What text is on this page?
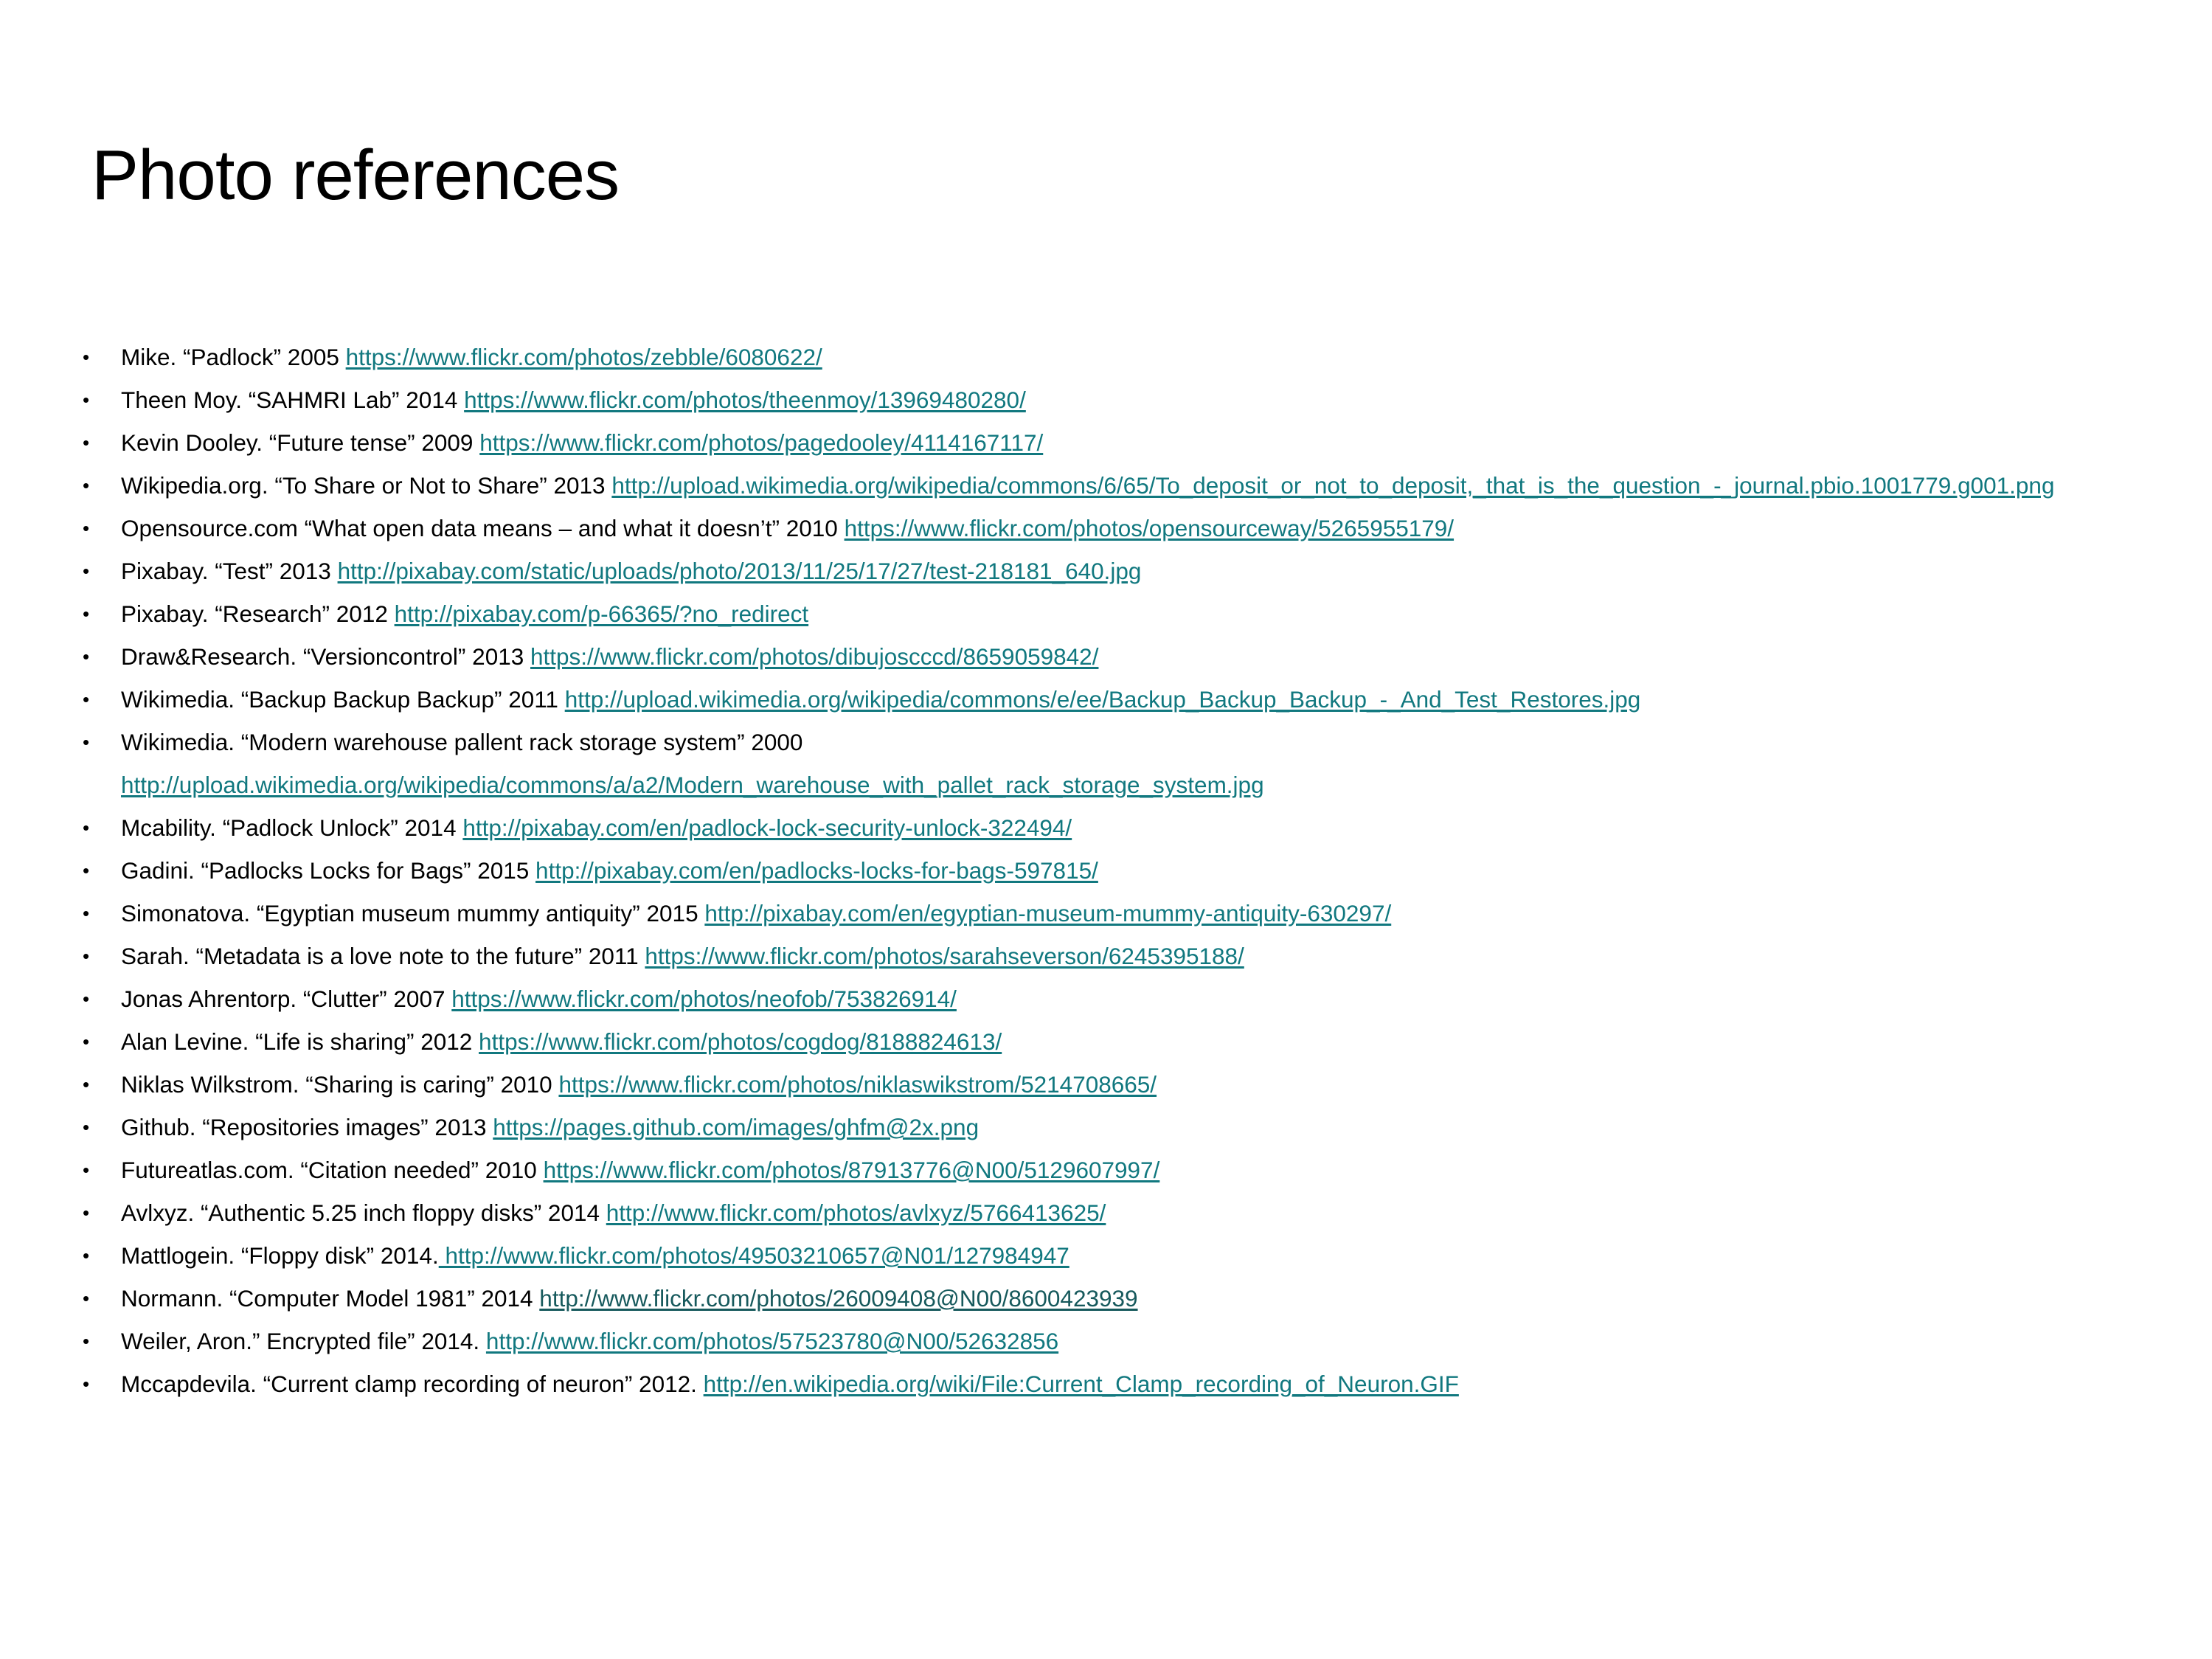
Photo references
• Mike. “Padlock” 2005 https://www.flickr.com/photos/zebble/6080622/
• Theen Moy. “SAHMRI Lab” 2014 https://www.flickr.com/photos/theenmoy/13969480280/
• Kevin Dooley. “Future tense” 2009 https://www.flickr.com/photos/pagedooley/4114167117/
• Wikipedia.org. “To Share or Not to Share” 2013 http://upload.wikimedia.org/wikipedia/commons/6/65/To_deposit_or_not_to_deposit,_that_is_the_question_-_journal.pbio.1001779.g001.png
• Opensource.com “What open data means – and what it doesn’t” 2010 https://www.flickr.com/photos/opensourceway/5265955179/
• Pixabay. “Test” 2013 http://pixabay.com/static/uploads/photo/2013/11/25/17/27/test-218181_640.jpg
• Pixabay. “Research” 2012 http://pixabay.com/p-66365/?no_redirect
• Draw&Research. “Versioncontrol” 2013 https://www.flickr.com/photos/dibujoscccd/8659059842/
• Wikimedia. “Backup Backup Backup” 2011 http://upload.wikimedia.org/wikipedia/commons/e/ee/Backup_Backup_Backup_-_And_Test_Restores.jpg
• Wikimedia. “Modern warehouse pallent rack storage system” 2000
http://upload.wikimedia.org/wikipedia/commons/a/a2/Modern_warehouse_with_pallet_rack_storage_system.jpg
• Mcability. “Padlock Unlock” 2014 http://pixabay.com/en/padlock-lock-security-unlock-322494/
• Gadini. “Padlocks Locks for Bags” 2015 http://pixabay.com/en/padlocks-locks-for-bags-597815/
• Simonatova. “Egyptian museum mummy antiquity” 2015 http://pixabay.com/en/egyptian-museum-mummy-antiquity-630297/
• Sarah. “Metadata is a love note to the future” 2011 https://www.flickr.com/photos/sarahseverson/6245395188/
• Jonas Ahrentorp. “Clutter” 2007 https://www.flickr.com/photos/neofob/753826914/
• Alan Levine. “Life is sharing” 2012 https://www.flickr.com/photos/cogdog/8188824613/
• Niklas Wilkstrom. “Sharing is caring” 2010 https://www.flickr.com/photos/niklaswikstrom/5214708665/
• Github. “Repositories images” 2013 https://pages.github.com/images/ghfm@2x.png
• Futureatlas.com. “Citation needed” 2010 https://www.flickr.com/photos/87913776@N00/5129607997/
• Avlxyz. “Authentic 5.25 inch floppy disks” 2014 http://www.flickr.com/photos/avlxyz/5766413625/
• Mattlogein. “Floppy disk” 2014. http://www.flickr.com/photos/49503210657@N01/127984947
• Normann. “Computer Model 1981” 2014 http://www.flickr.com/photos/26009408@N00/8600423939
• Weiler, Aron.” Encrypted file” 2014. http://www.flickr.com/photos/57523780@N00/52632856
• Mccapdevila. “Current clamp recording of neuron” 2012. http://en.wikipedia.org/wiki/File:Current_Clamp_recording_of_Neuron.GIF
